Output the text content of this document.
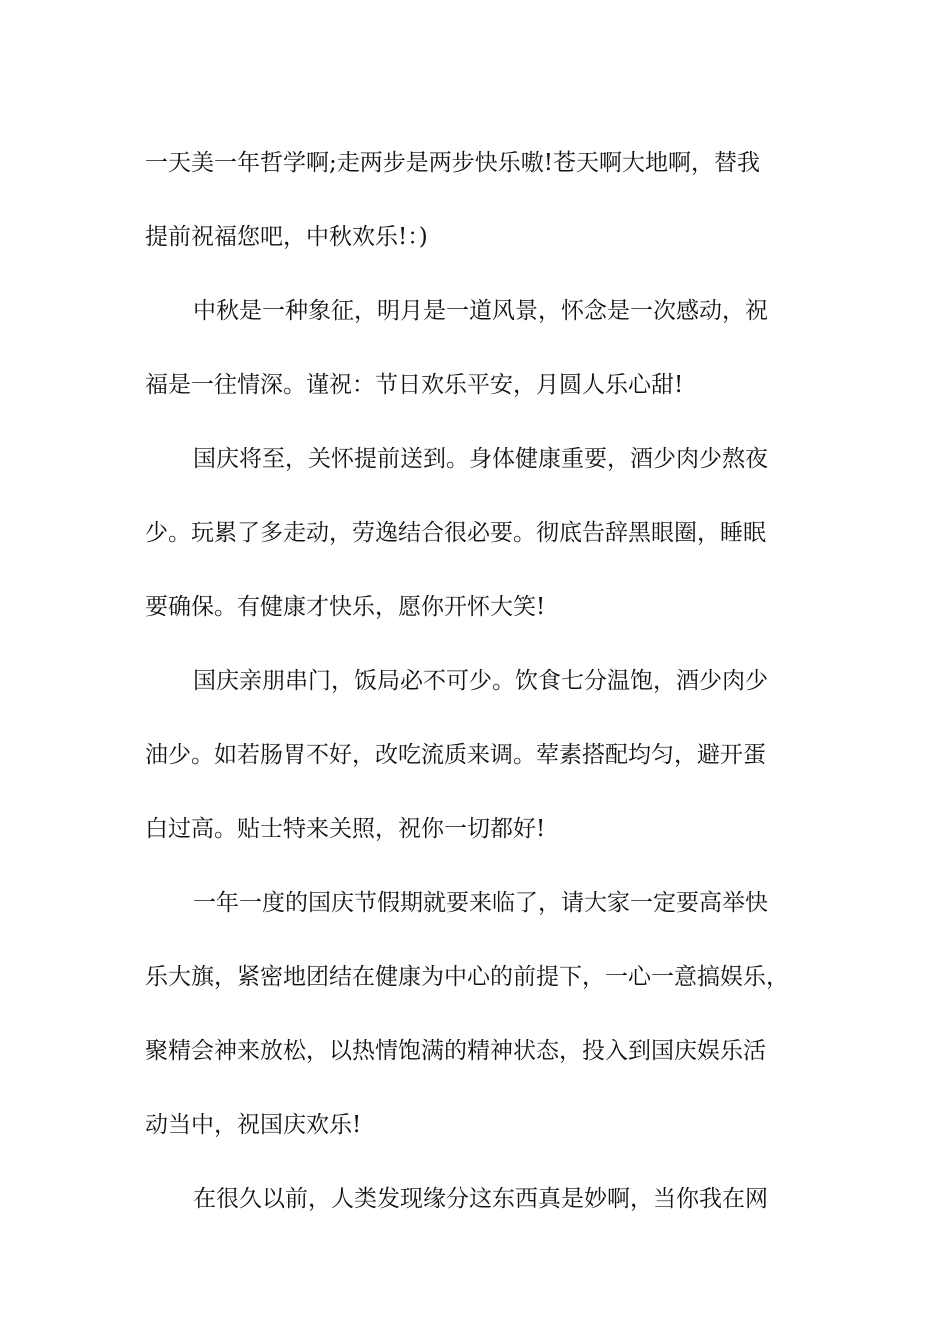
一天美一年哲学啊;走两步是两步快乐嗷!苍天啊大地啊，替我
提前祝福您吧，中秋欢乐!：)
中秋是一种象征，明月是一道风景，怀念是一次感动，祝
福是一往情深。谨祝：节日欢乐平安，月圆人乐心甜!
国庆将至，关怀提前送到。身体健康重要，酒少肉少熬夜
少。玩累了多走动，劳逸结合很必要。彻底告辞黑眼圈，睡眠
要确保。有健康才快乐，愿你开怀大笑!
国庆亲朋串门，饭局必不可少。饮食七分温饱，酒少肉少
油少。如若肠胃不好，改吃流质来调。荤素搭配均匀，避开蛋
白过高。贴士特来关照，祝你一切都好!
一年一度的国庆节假期就要来临了，请大家一定要高举快
乐大旗，紧密地团结在健康为中心的前提下，一心一意搞娱乐，
聚精会神来放松，以热情饱满的精神状态，投入到国庆娱乐活
动当中，祝国庆欢乐!
在很久以前，人类发现缘分这东西真是妙啊，当你我在网
